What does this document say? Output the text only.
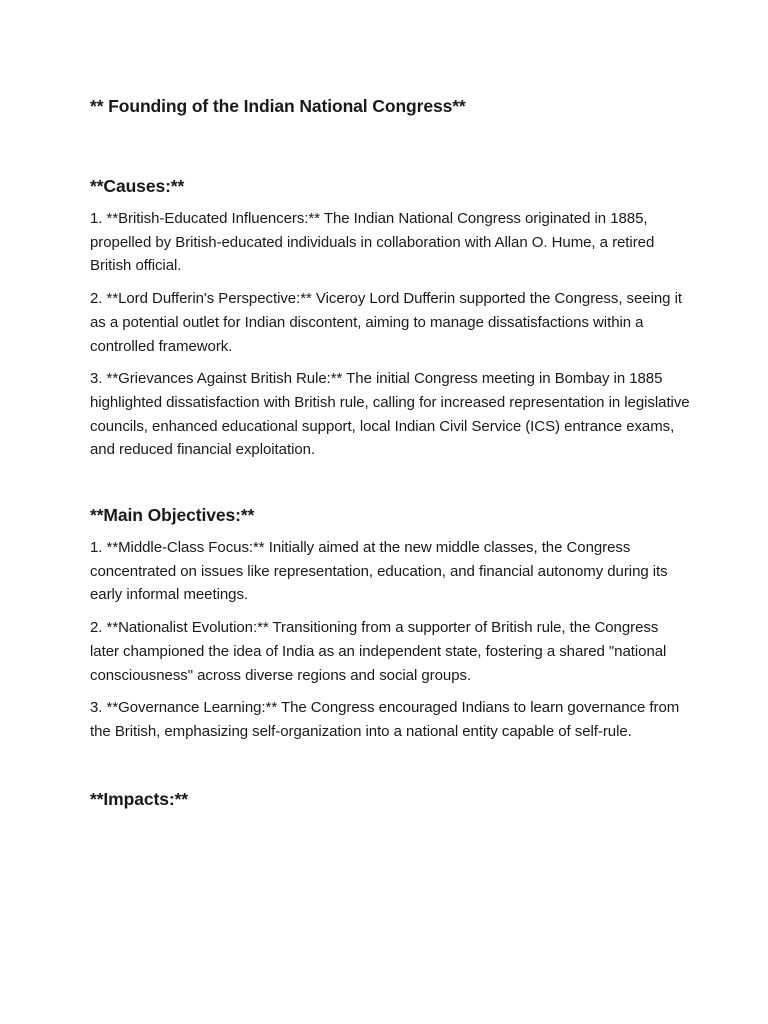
** Founding of the Indian National Congress**
**Causes:**

1. **British-Educated Influencers:** The Indian National Congress originated in 1885, propelled by British-educated individuals in collaboration with Allan O. Hume, a retired British official.

2. **Lord Dufferin's Perspective:** Viceroy Lord Dufferin supported the Congress, seeing it as a potential outlet for Indian discontent, aiming to manage dissatisfactions within a controlled framework.

3. **Grievances Against British Rule:** The initial Congress meeting in Bombay in 1885 highlighted dissatisfaction with British rule, calling for increased representation in legislative councils, enhanced educational support, local Indian Civil Service (ICS) entrance exams, and reduced financial exploitation.

**Main Objectives:**

1. **Middle-Class Focus:** Initially aimed at the new middle classes, the Congress concentrated on issues like representation, education, and financial autonomy during its early informal meetings.

2. **Nationalist Evolution:** Transitioning from a supporter of British rule, the Congress later championed the idea of India as an independent state, fostering a shared "national consciousness" across diverse regions and social groups.

3. **Governance Learning:** The Congress encouraged Indians to learn governance from the British, emphasizing self-organization into a national entity capable of self-rule.

**Impacts:**
